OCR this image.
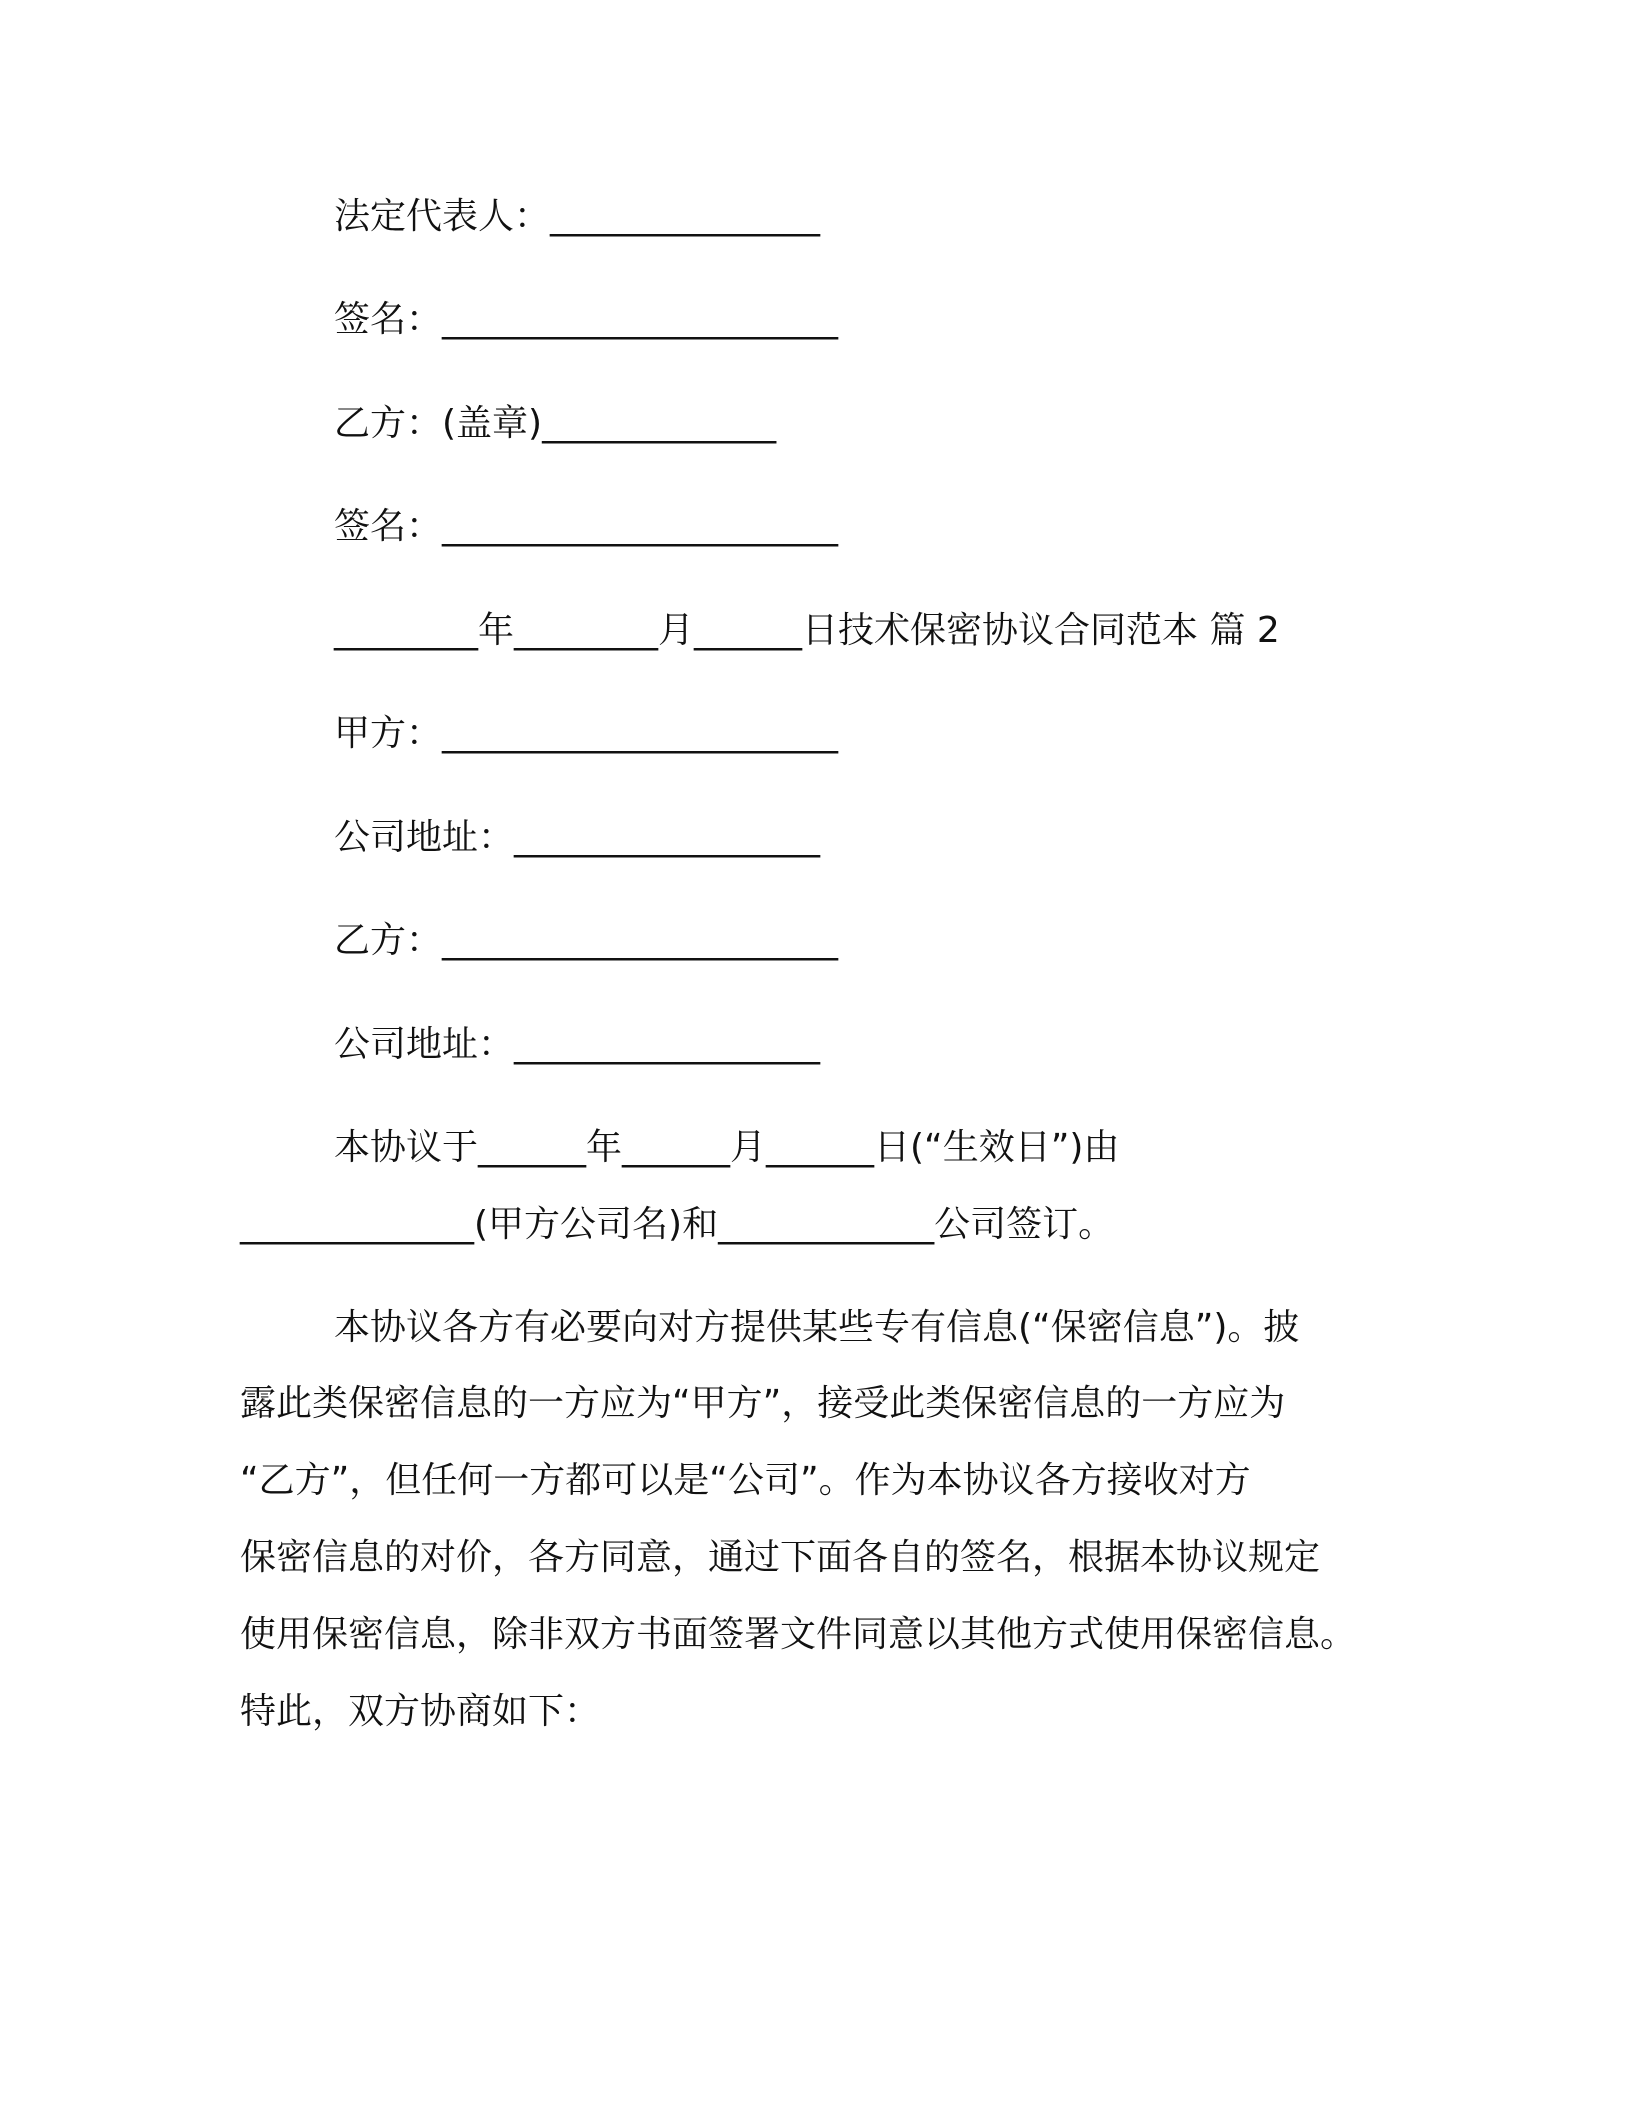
法定代表人：_______________
签名：______________________
乙方：(盖章)_____________
签名：______________________
________年________月______日技术保密协议合同范本 篇 2
甲方：______________________
公司地址：_________________
乙方：______________________
公司地址：_________________
本协议于______年______月______日(“生效日”)由
_____________(甲方公司名)和____________公司签订。
本协议各方有必要向对方提供某些专有信息(“保密信息”)。披
露此类保密信息的一方应为“甲方”，接受此类保密信息的一方应为
“乙方”，但任何一方都可以是“公司”。作为本协议各方接收对方
保密信息的对价，各方同意，通过下面各自的签名，根据本协议规定
使用保密信息，除非双方书面签署文件同意以其他方式使用保密信息。
特此，双方协商如下：
